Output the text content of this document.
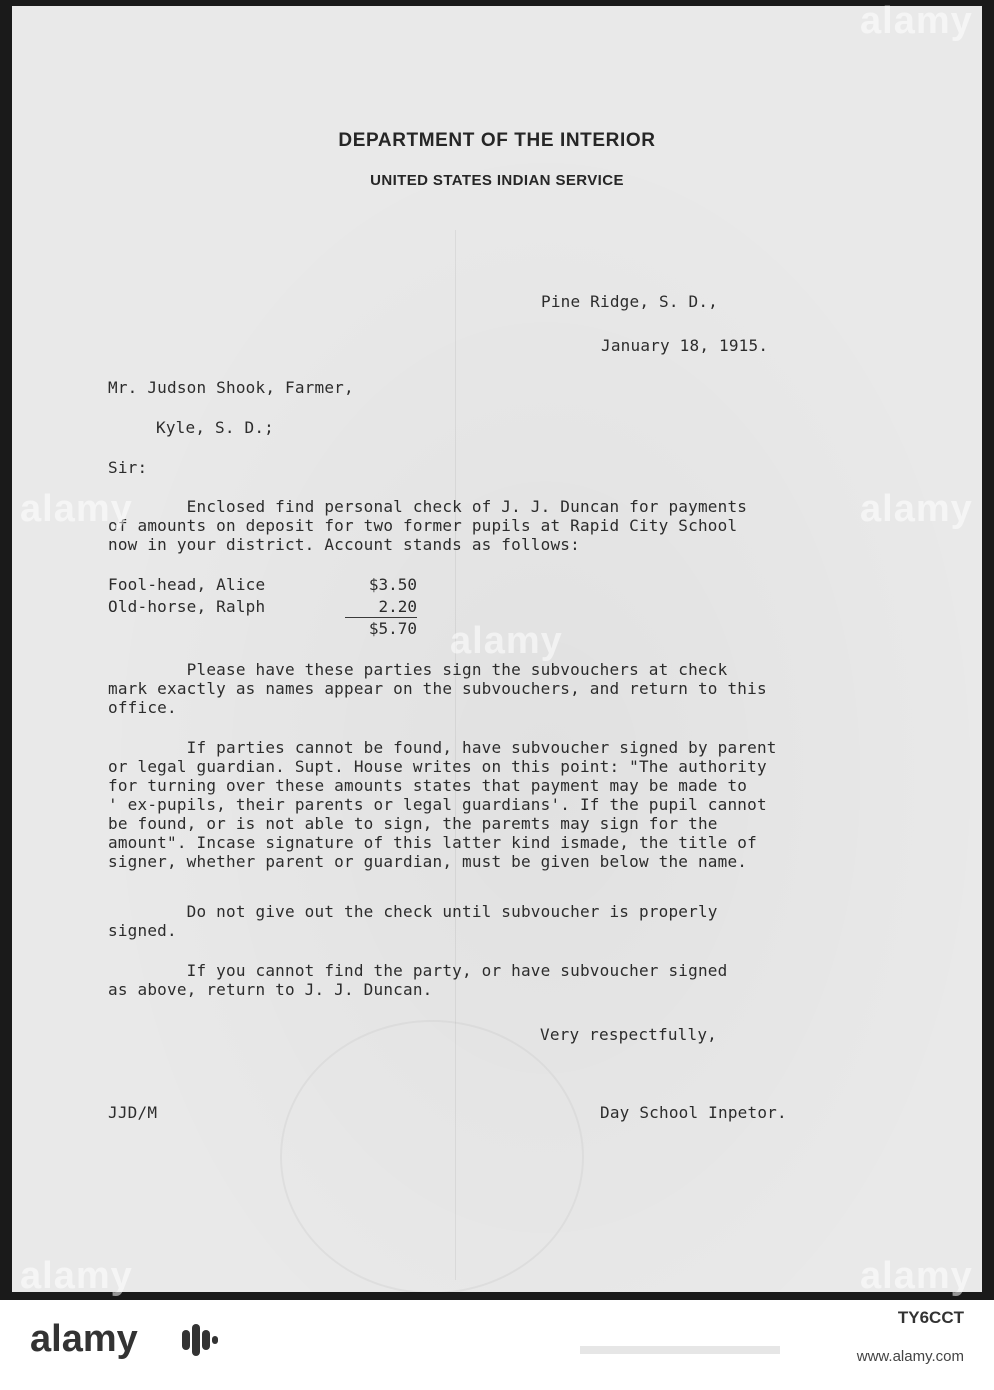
DEPARTMENT OF THE INTERIOR
UNITED STATES INDIAN SERVICE
Pine Ridge, S. D.,
January 18, 1915.
Mr. Judson Shook, Farmer,
Kyle, S. D.;
Sir:
Enclosed find personal check of J. J. Duncan for payments
of amounts on deposit for two former pupils at Rapid City School
now in your district. Account stands as follows:
Fool-head, Alice	$3.50
Old-horse, Ralph	2.20
$5.70
Please have these parties sign the subvouchers at check
mark exactly as names appear on the subvouchers, and return to this
office.
If parties cannot be found, have subvoucher signed by parent
or legal guardian. Supt. House writes on this point: "The authority
for turning over these amounts states that payment may be made to
' ex-pupils, their parents or legal guardians'. If the pupil cannot
be found, or is not able to sign, the paremts may sign for the
amount". Incase signature of this latter kind ismade, the title of
signer, whether parent or guardian, must be given below the name.
Do not give out the check until subvoucher is properly
signed.
If you cannot find the party, or have subvoucher signed
as above, return to J. J. Duncan.
Very respectfully,
JJD/M	Day School Inpetor.
alamy
alamy
alamy
alamy
alamy	alamy
alamy
TY6CCT
www.alamy.com
